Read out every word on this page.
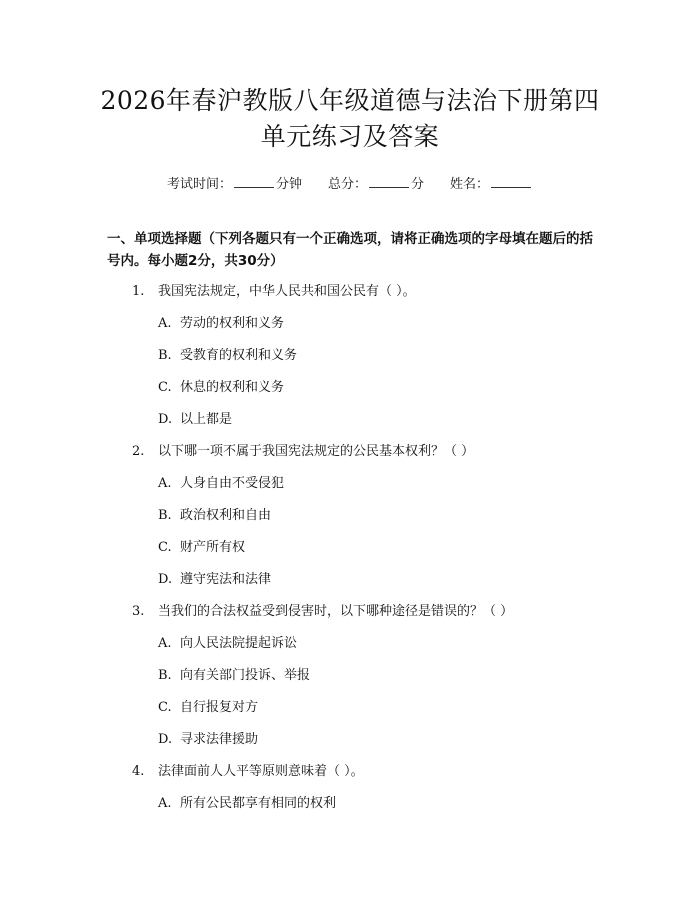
2026年春沪教版八年级道德与法治下册第四
单元练习及答案
考试时间：	分钟 总分：	分 姓名：
一、单项选择题（下列各题只有一个正确选项，请将正确选项的字母填在题后的括号内。每小题2分，共30分）
1. 我国宪法规定，中华人民共和国公民有（ ）。
A. 劳动的权利和义务
B. 受教育的权利和义务
C. 休息的权利和义务
D. 以上都是
2. 以下哪一项不属于我国宪法规定的公民基本权利？（ ）
A. 人身自由不受侵犯
B. 政治权利和自由
C. 财产所有权
D. 遵守宪法和法律
3. 当我们的合法权益受到侵害时，以下哪种途径是错误的？（ ）
A. 向人民法院提起诉讼
B. 向有关部门投诉、举报
C. 自行报复对方
D. 寻求法律援助
4. 法律面前人人平等原则意味着（ ）。
A. 所有公民都享有相同的权利
